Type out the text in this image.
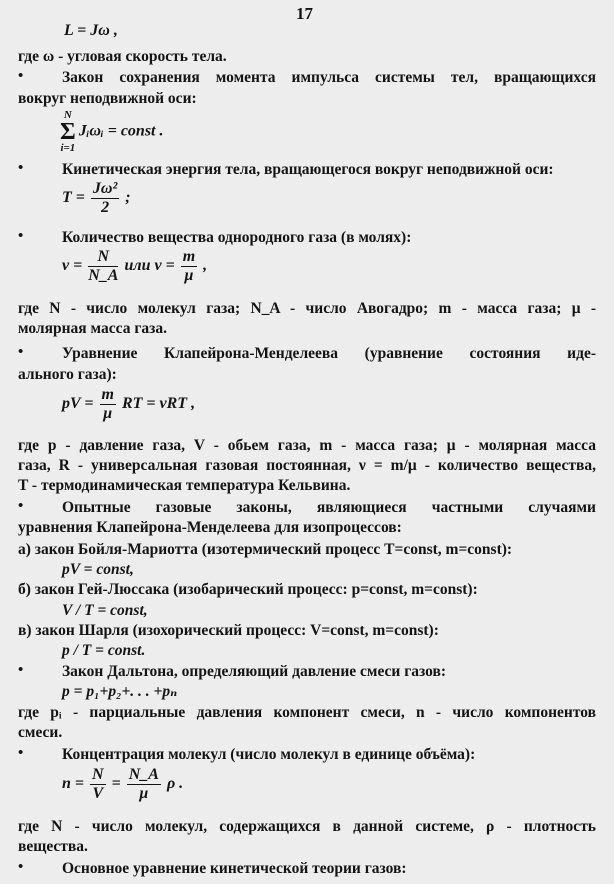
17
L = Jω ,
где ω - угловая скорость тела.
• Закон сохранения момента импульса системы тел, вращающихся
вокруг неподвижной оси:
N
Σ
i=1
Jᵢωᵢ = const .
• Кинетическая энергия тела, вращающегося вокруг неподвижной оси:
$T = \frac{\text{Jω²}}{2}$ ;
• Количество вещества однородного газа (в молях):
$\nu = \frac{N}{N\_A}$ или $\nu = \frac{m}{\mu}$ ,
где N - число молекул газа; N_A - число Авогадро; m - масса газа; μ -
молярная масса газа.
• Уравнение Клапейрона-Менделеева (уравнение состояния иде-
ального газа):
pV = $\frac{m}{\mu}$ RT = νRT ,
где p - давление газа, V - обьем газа, m - масса газа; μ - молярная масса
газа, R - универсальная газовая постоянная, ν = m/μ - количество вещества,
T - термодинамическая температура Кельвина.
• Опытные газовые законы, являющиеся частными случаями
уравнения Клапейрона-Менделеева для изопроцессов:
а) закон Бойля-Мариотта (изотермический процесс T=const, m=const):
pV = const,
б) закон Гей-Люссака (изобарический процесс: p=const, m=const):
V / T = const,
в) закон Шарля (изохорический процесс: V=const, m=const):
p / T = const.
• Закон Дальтона, определяющий давление смеси газов:
p = p₁+p₂+. . . +pₙ
где pᵢ - парциальные давления компонент смеси, n - число компонентов
смеси.
• Концентрация молекул (число молекул в единице объёма):
$n = \frac{N}{V} = \frac{N\_A}{\mu}$ ρ .
где N - число молекул, содержащихся в данной системе, ρ - плотность
вещества.
• Основное уравнение кинетической теории газов:
